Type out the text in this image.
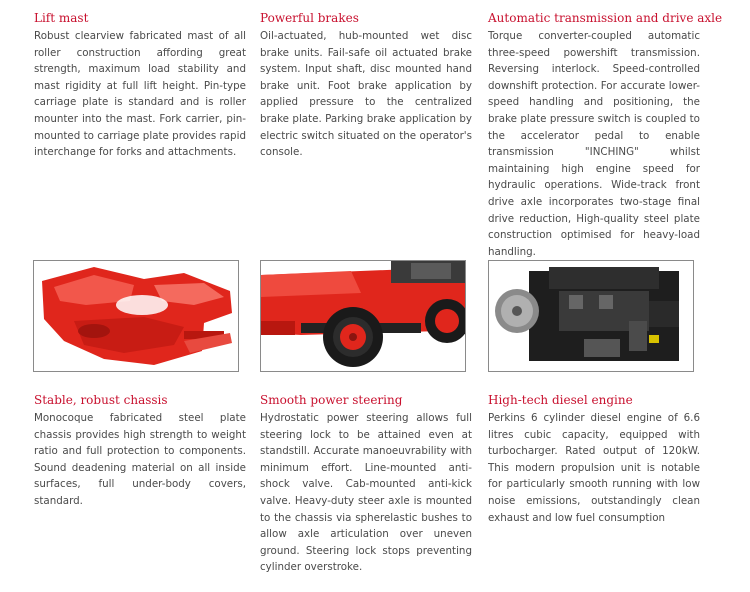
Lift mast

Robust clearview fabricated mast of all roller construction affording great strength, maximum load stability and mast rigidity at full lift height. Pin-type carriage plate is standard and is roller mounter into the mast. Fork carrier, pin-mounted to carriage plate provides rapid interchange for forks and attachments.

Powerful brakes

Oil-actuated, hub-mounted wet disc brake units. Fail-safe oil actuated brake system. Input shaft, disc mounted hand brake unit. Foot brake application by applied pressure to the centralized brake plate. Parking brake application by electric switch situated on the operator's console.

Automatic transmission and drive axle

Torque converter-coupled automatic three-speed powershift transmission. Reversing interlock. Speed-controlled downshift protection. For accurate lower-speed handling and positioning, the brake plate pressure switch is coupled to the accelerator pedal to enable transmission "INCHING" whilst maintaining high engine speed for hydraulic operations. Wide-track front drive axle incorporates two-stage final drive reduction, High-quality steel plate construction optimised for heavy-load handling.

Stable, robust chassis

Monocoque fabricated steel plate chassis provides high strength to weight ratio and full protection to components. Sound deadening material on all inside surfaces, full under-body covers, standard.

Smooth power steering

Hydrostatic power steering allows full steering lock to be attained even at standstill. Accurate manoeuvrability with minimum effort. Line-mounted anti-shock valve. Cab-mounted anti-kick valve. Heavy-duty steer axle is mounted to the chassis via spherelastic bushes to allow axle articulation over uneven ground. Steering lock stops preventing cylinder overstroke.

High-tech diesel engine

Perkins 6 cylinder diesel engine of 6.6 litres cubic capacity, equipped with turbocharger. Rated output of 120kW. This modern propulsion unit is notable for particularly smooth running with low noise emissions, outstandingly clean exhaust and low fuel consumption
